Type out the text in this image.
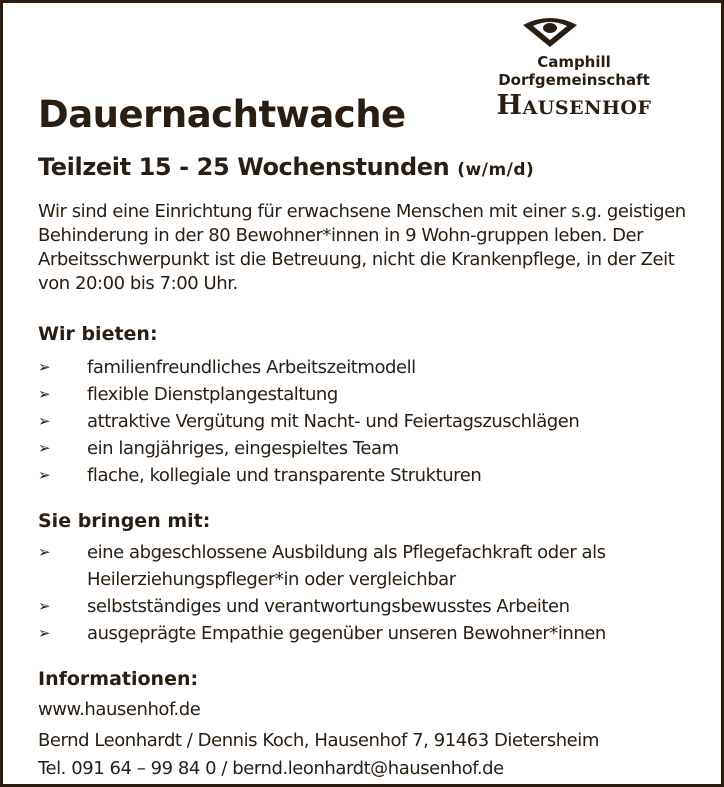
Camphill
Dorfgemeinschaft
Hausenhof
Dauernachtwache
Teilzeit 15 - 25 Wochenstunden (w/m/d)

Wir sind eine Einrichtung für erwachsene Menschen mit einer s.g. geistigen Behinderung in der 80 Bewohner*innen in 9 Wohn-gruppen leben. Der Arbeitsschwerpunkt ist die Betreuung, nicht die Krankenpflege, in der Zeit von 20:00 bis 7:00 Uhr.

Wir bieten:
➢	familienfreundliches Arbeitszeitmodell
➢	flexible Dienstplangestaltung
➢	attraktive Vergütung mit Nacht- und Feiertagszuschlägen
➢	ein langjähriges, eingespieltes Team
➢	flache, kollegiale und transparente Strukturen
Sie bringen mit:
➢	eine abgeschlossene Ausbildung als Pflegefachkraft oder als Heilerziehungspfleger*in oder vergleichbar
➢	selbstständiges und verantwortungsbewusstes Arbeiten
➢	ausgeprägte Empathie gegenüber unseren Bewohner*innen
Informationen:
www.hausenhof.de
Bernd Leonhardt / Dennis Koch, Hausenhof 7, 91463 Dietersheim
Tel. 091 64 – 99 84 0 / bernd.leonhardt@hausenhof.de
